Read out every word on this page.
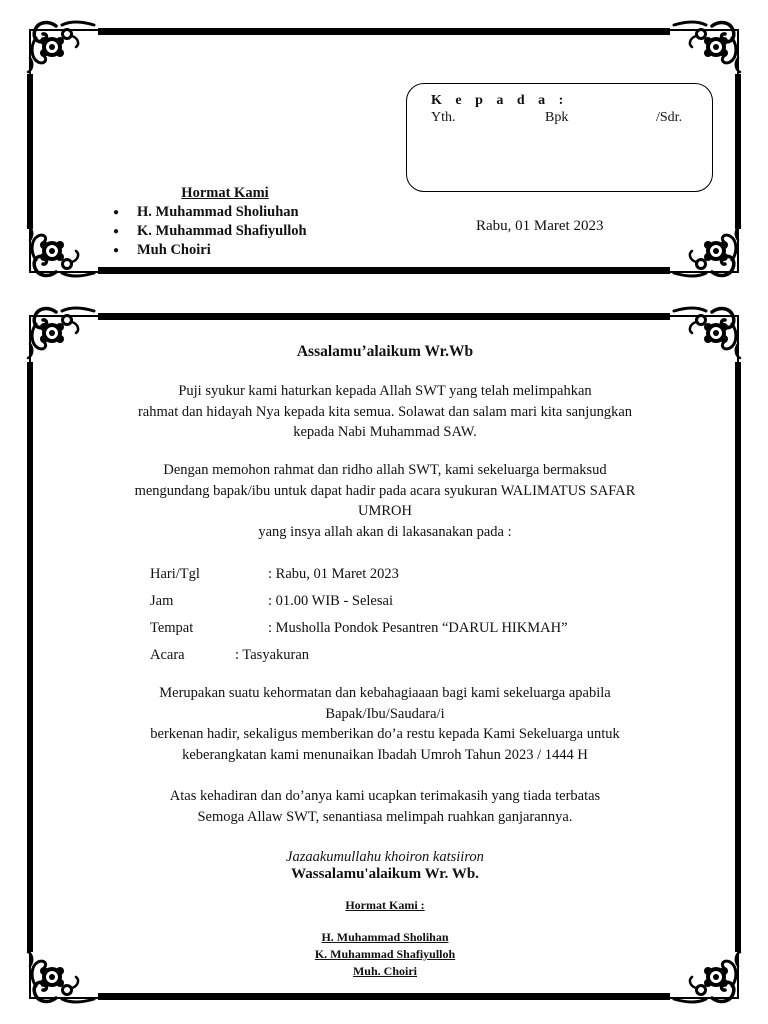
K e p a d a :
Yth.	Bpk	/Sdr.
Rabu, 01 Maret 2023
Hormat Kami
● H. Muhammad Sholiuhan
● K. Muhammad Shafiyulloh
● Muh Choiri
Assalamu’alaikum Wr.Wb
Puji syukur kami haturkan kepada Allah SWT yang telah melimpahkan
rahmat dan hidayah Nya kepada kita semua. Solawat dan salam mari kita sanjungkan
kepada Nabi Muhammad SAW.
Dengan memohon rahmat dan ridho allah SWT, kami sekeluarga bermaksud
mengundang bapak/ibu untuk dapat hadir pada acara syukuran WALIMATUS SAFAR
UMROH
yang insya allah akan di lakasanakan pada :
Hari/Tgl	: Rabu, 01 Maret 2023
Jam	: 01.00 WIB - Selesai
Tempat	: Musholla Pondok Pesantren “DARUL HIKMAH”
Acara	: Tasyakuran
Merupakan suatu kehormatan dan kebahagiaaan bagi kami sekeluarga apabila
Bapak/Ibu/Saudara/i
berkenan hadir, sekaligus memberikan do’a restu kepada Kami Sekeluarga untuk
keberangkatan kami menunaikan Ibadah Umroh Tahun 2023 / 1444 H
Atas kehadiran dan do’anya kami ucapkan terimakasih yang tiada terbatas
Semoga Allaw SWT, senantiasa melimpah ruahkan ganjarannya.
Jazaakumullahu khoiron katsiiron
Wassalamu'alaikum Wr. Wb.
Hormat Kami :
H. Muhammad Sholihan
K. Muhammad Shafiyulloh
Muh. Choiri
